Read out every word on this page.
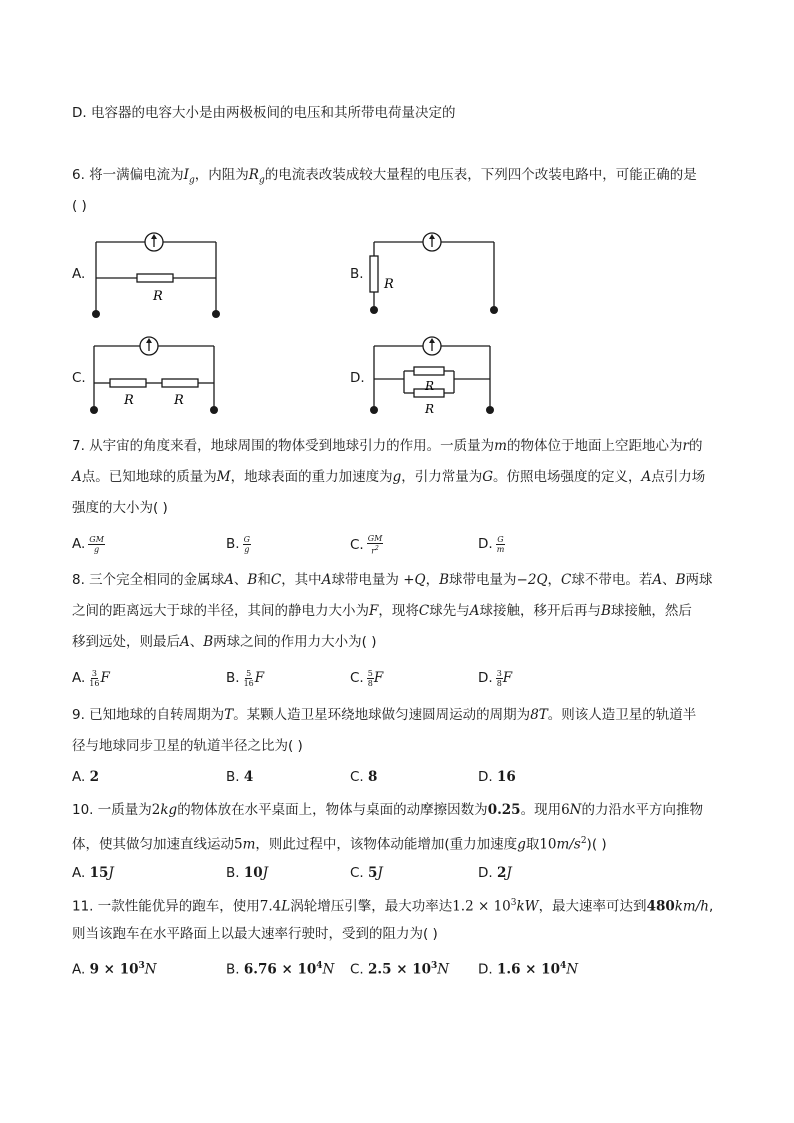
D. 电容器的电容大小是由两极板间的电压和其所带电荷量决定的
6. 将一满偏电流为$I_g$，内阻为$R_g$的电流表改装成较大量程的电压表，下列四个改装电路中，可能正确的是
( )
A.	B.
C.	D.
R
R
R	R
R
R
7. 从宇宙的角度来看，地球周围的物体受到地球引力的作用。一质量为m的物体位于地面上空距地心为r的
A点。已知地球的质量为M，地球表面的重力加速度为g，引力常量为G。仿照电场强度的定义，A点引力场
强度的大小为( )
A. $\frac{GM}{g}$	B. $\frac{G}{g}$	C. $\frac{GM}{r^2}$	D. $\frac{G}{m}$
8. 三个完全相同的金属球A、B和C，其中A球带电量为 +Q，B球带电量为−2Q，C球不带电。若A、B两球
之间的距离远大于球的半径，其间的静电力大小为F，现将C球先与A球接触，移开后再与B球接触，然后
移到远处，则最后A、B两球之间的作用力大小为( )
A. $\frac{3}{16}$ F	B. $\frac{5}{16}$ F	C. $\frac{5}{8}$ F	D. $\frac{3}{8}$ F
9. 已知地球的自转周期为T。某颗人造卫星环绕地球做匀速圆周运动的周期为8T。则该人造卫星的轨道半
径与地球同步卫星的轨道半径之比为( )
A. 2	B. 4	C. 8	D. 16
10. 一质量为2kg的物体放在水平桌面上，物体与桌面的动摩擦因数为0.25。现用6N的力沿水平方向推物
体，使其做匀加速直线运动5m，则此过程中，该物体动能增加(重力加速度g取$10m/s^2$)( )
A. 15J	B. 10J	C. 5J	D. 2J
11. 一款性能优异的跑车，使用7.4L涡轮增压引擎，最大功率达$1.2 \times 10^3kW$，最大速率可达到480km/h,
则当该跑车在水平路面上以最大速率行驶时，受到的阻力为( )
A. $9 \times 10^3N$	B. $6.76 \times 10^4N$ C. $2.5 \times 10^3N$ D. $1.6 \times 10^4N$
